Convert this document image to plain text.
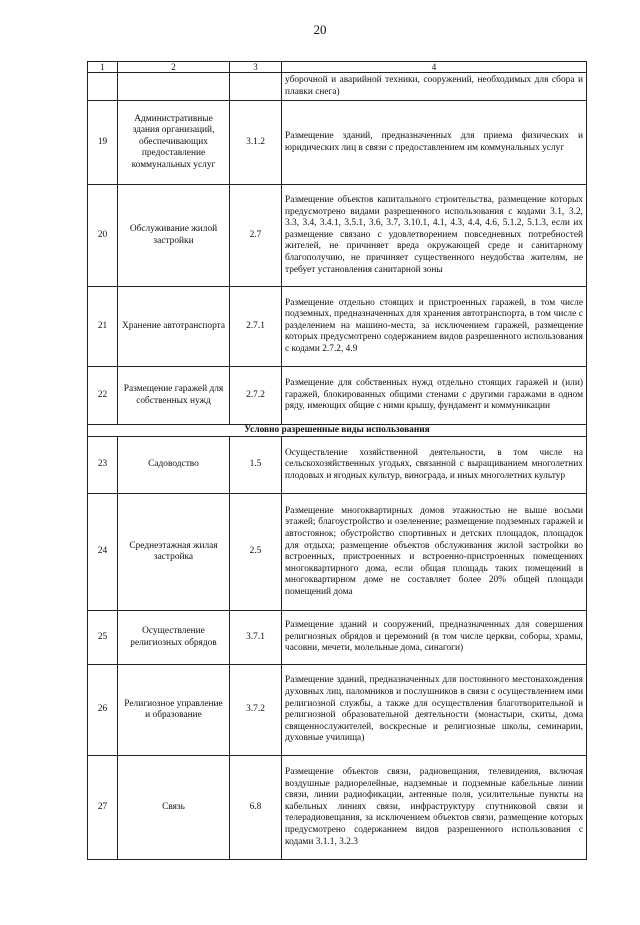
20
1	2	3	4
			уборочной и аварийной техники, сооружений, необходимых для сбора и плавки снега)
19	Административные здания организаций, обеспечивающих предоставление коммунальных услуг	3.1.2	Размещение зданий, предназначенных для приема физических и юридических лиц в связи с предоставлением им коммунальных услуг
20	Обслуживание жилой застройки	2.7	Размещение объектов капитального строительства, размещение которых предусмотрено видами разрешенного использования с кодами 3.1, 3.2, 3.3, 3.4, 3.4.1, 3.5.1, 3.6, 3.7, 3.10.1, 4.1, 4.3, 4.4, 4.6, 5.1.2, 5.1.3, если их размещение связано с удовлетворением повседневных потребностей жителей, не причиняет вреда окружающей среде и санитарному благополучию, не причиняет существенного неудобства жителям, не требует установления санитарной зоны
21	Хранение автотранспорта	2.7.1	Размещение отдельно стоящих и пристроенных гаражей, в том числе подземных, предназначенных для хранения автотранспорта, в том числе с разделением на машино-места, за исключением гаражей, размещение которых предусмотрено содержанием видов разрешенного использования с кодами 2.7.2, 4.9
22	Размещение гаражей для собственных нужд	2.7.2	Размещение для собственных нужд отдельно стоящих гаражей и (или) гаражей, блокированных общими стенами с другими гаражами в одном ряду, имеющих общие с ними крышу, фундамент и коммуникации
Условно разрешенные виды использования			
23	Садоводство	1.5	Осуществление хозяйственной деятельности, в том числе на сельскохозяйственных угодьях, связанной с выращиванием многолетних плодовых и ягодных культур, винограда, и иных многолетних культур
24	Среднеэтажная жилая застройка	2.5	Размещение многоквартирных домов этажностью не выше восьми этажей; благоустройство и озеленение; размещение подземных гаражей и автостоянок; обустройство спортивных и детских площадок, площадок для отдыха; размещение объектов обслуживания жилой застройки во встроенных, пристроенных и встроенно-пристроенных помещениях многоквартирного дома, если общая площадь таких помещений в многоквартирном доме не составляет более 20% общей площади помещений дома
25	Осуществление религиозных обрядов	3.7.1	Размещение зданий и сооружений, предназначенных для совершения религиозных обрядов и церемоний (в том числе церкви, соборы, храмы, часовни, мечети, молельные дома, синагоги)
26	Религиозное управление и образование	3.7.2	Размещение зданий, предназначенных для постоянного местонахождения духовных лиц, паломников и послушников в связи с осуществлением ими религиозной службы, а также для осуществления благотворительной и религиозной образовательной деятельности (монастыри, скиты, дома священнослужителей, воскресные и религиозные школы, семинарии, духовные училища)
27	Связь	6.8	Размещение объектов связи, радиовещания, телевидения, включая воздушные радиорелейные, надземные и подземные кабельные линии связи, линии радиофикации, антенные поля, усилительные пункты на кабельных линиях связи, инфраструктуру спутниковой связи и телерадиовещания, за исключением объектов связи, размещение которых предусмотрено содержанием видов разрешенного использования с кодами 3.1.1, 3.2.3
